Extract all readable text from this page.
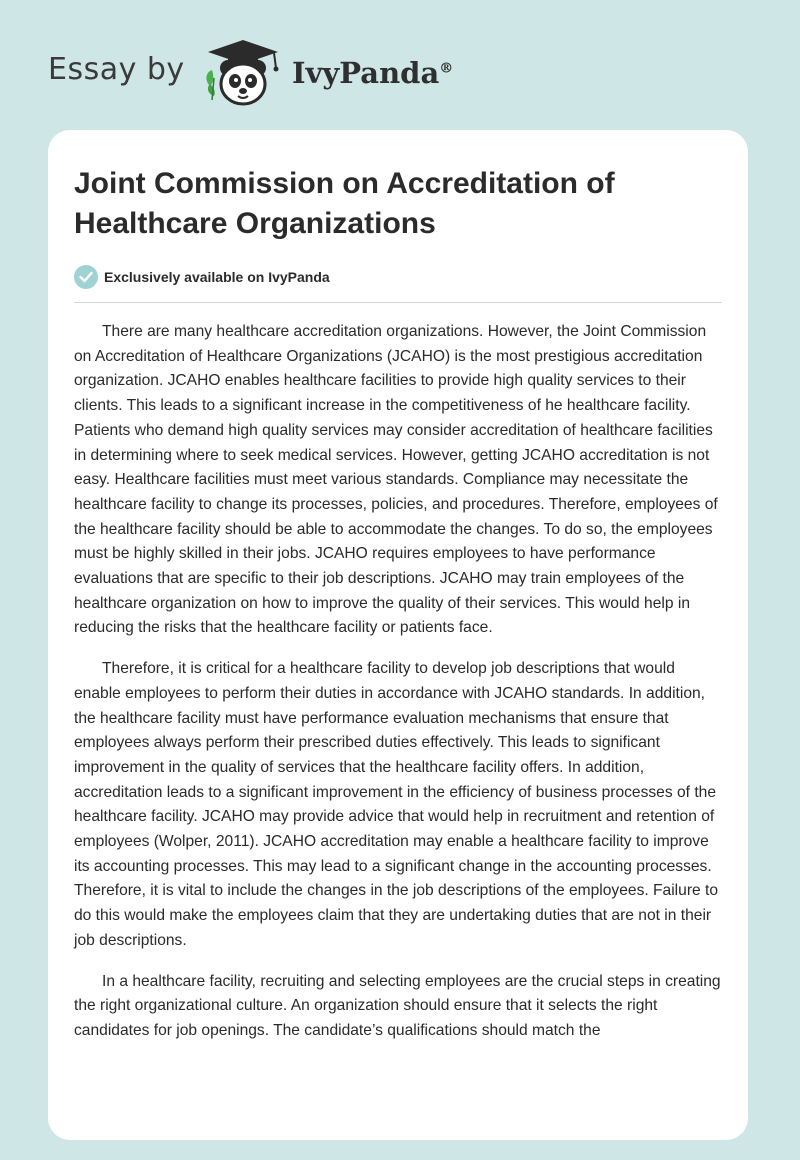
Essay by	IvyPanda®
Joint Commission on Accreditation of Healthcare Organizations
Exclusively available on IvyPanda

There are many healthcare accreditation organizations. However, the Joint Commission on Accreditation of Healthcare Organizations (JCAHO) is the most prestigious accreditation organization. JCAHO enables healthcare facilities to provide high quality services to their clients. This leads to a significant increase in the competitiveness of he healthcare facility. Patients who demand high quality services may consider accreditation of healthcare facilities in determining where to seek medical services. However, getting JCAHO accreditation is not easy. Healthcare facilities must meet various standards. Compliance may necessitate the healthcare facility to change its processes, policies, and procedures. Therefore, employees of the healthcare facility should be able to accommodate the changes. To do so, the employees must be highly skilled in their jobs. JCAHO requires employees to have performance evaluations that are specific to their job descriptions. JCAHO may train employees of the healthcare organization on how to improve the quality of their services. This would help in reducing the risks that the healthcare facility or patients face.

Therefore, it is critical for a healthcare facility to develop job descriptions that would enable employees to perform their duties in accordance with JCAHO standards. In addition, the healthcare facility must have performance evaluation mechanisms that ensure that employees always perform their prescribed duties effectively. This leads to significant improvement in the quality of services that the healthcare facility offers. In addition, accreditation leads to a significant improvement in the efficiency of business processes of the healthcare facility. JCAHO may provide advice that would help in recruitment and retention of employees (Wolper, 2011). JCAHO accreditation may enable a healthcare facility to improve its accounting processes. This may lead to a significant change in the accounting processes. Therefore, it is vital to include the changes in the job descriptions of the employees. Failure to do this would make the employees claim that they are undertaking duties that are not in their job descriptions.

In a healthcare facility, recruiting and selecting employees are the crucial steps in creating the right organizational culture. An organization should ensure that it selects the right candidates for job openings. The candidate’s qualifications should match the
